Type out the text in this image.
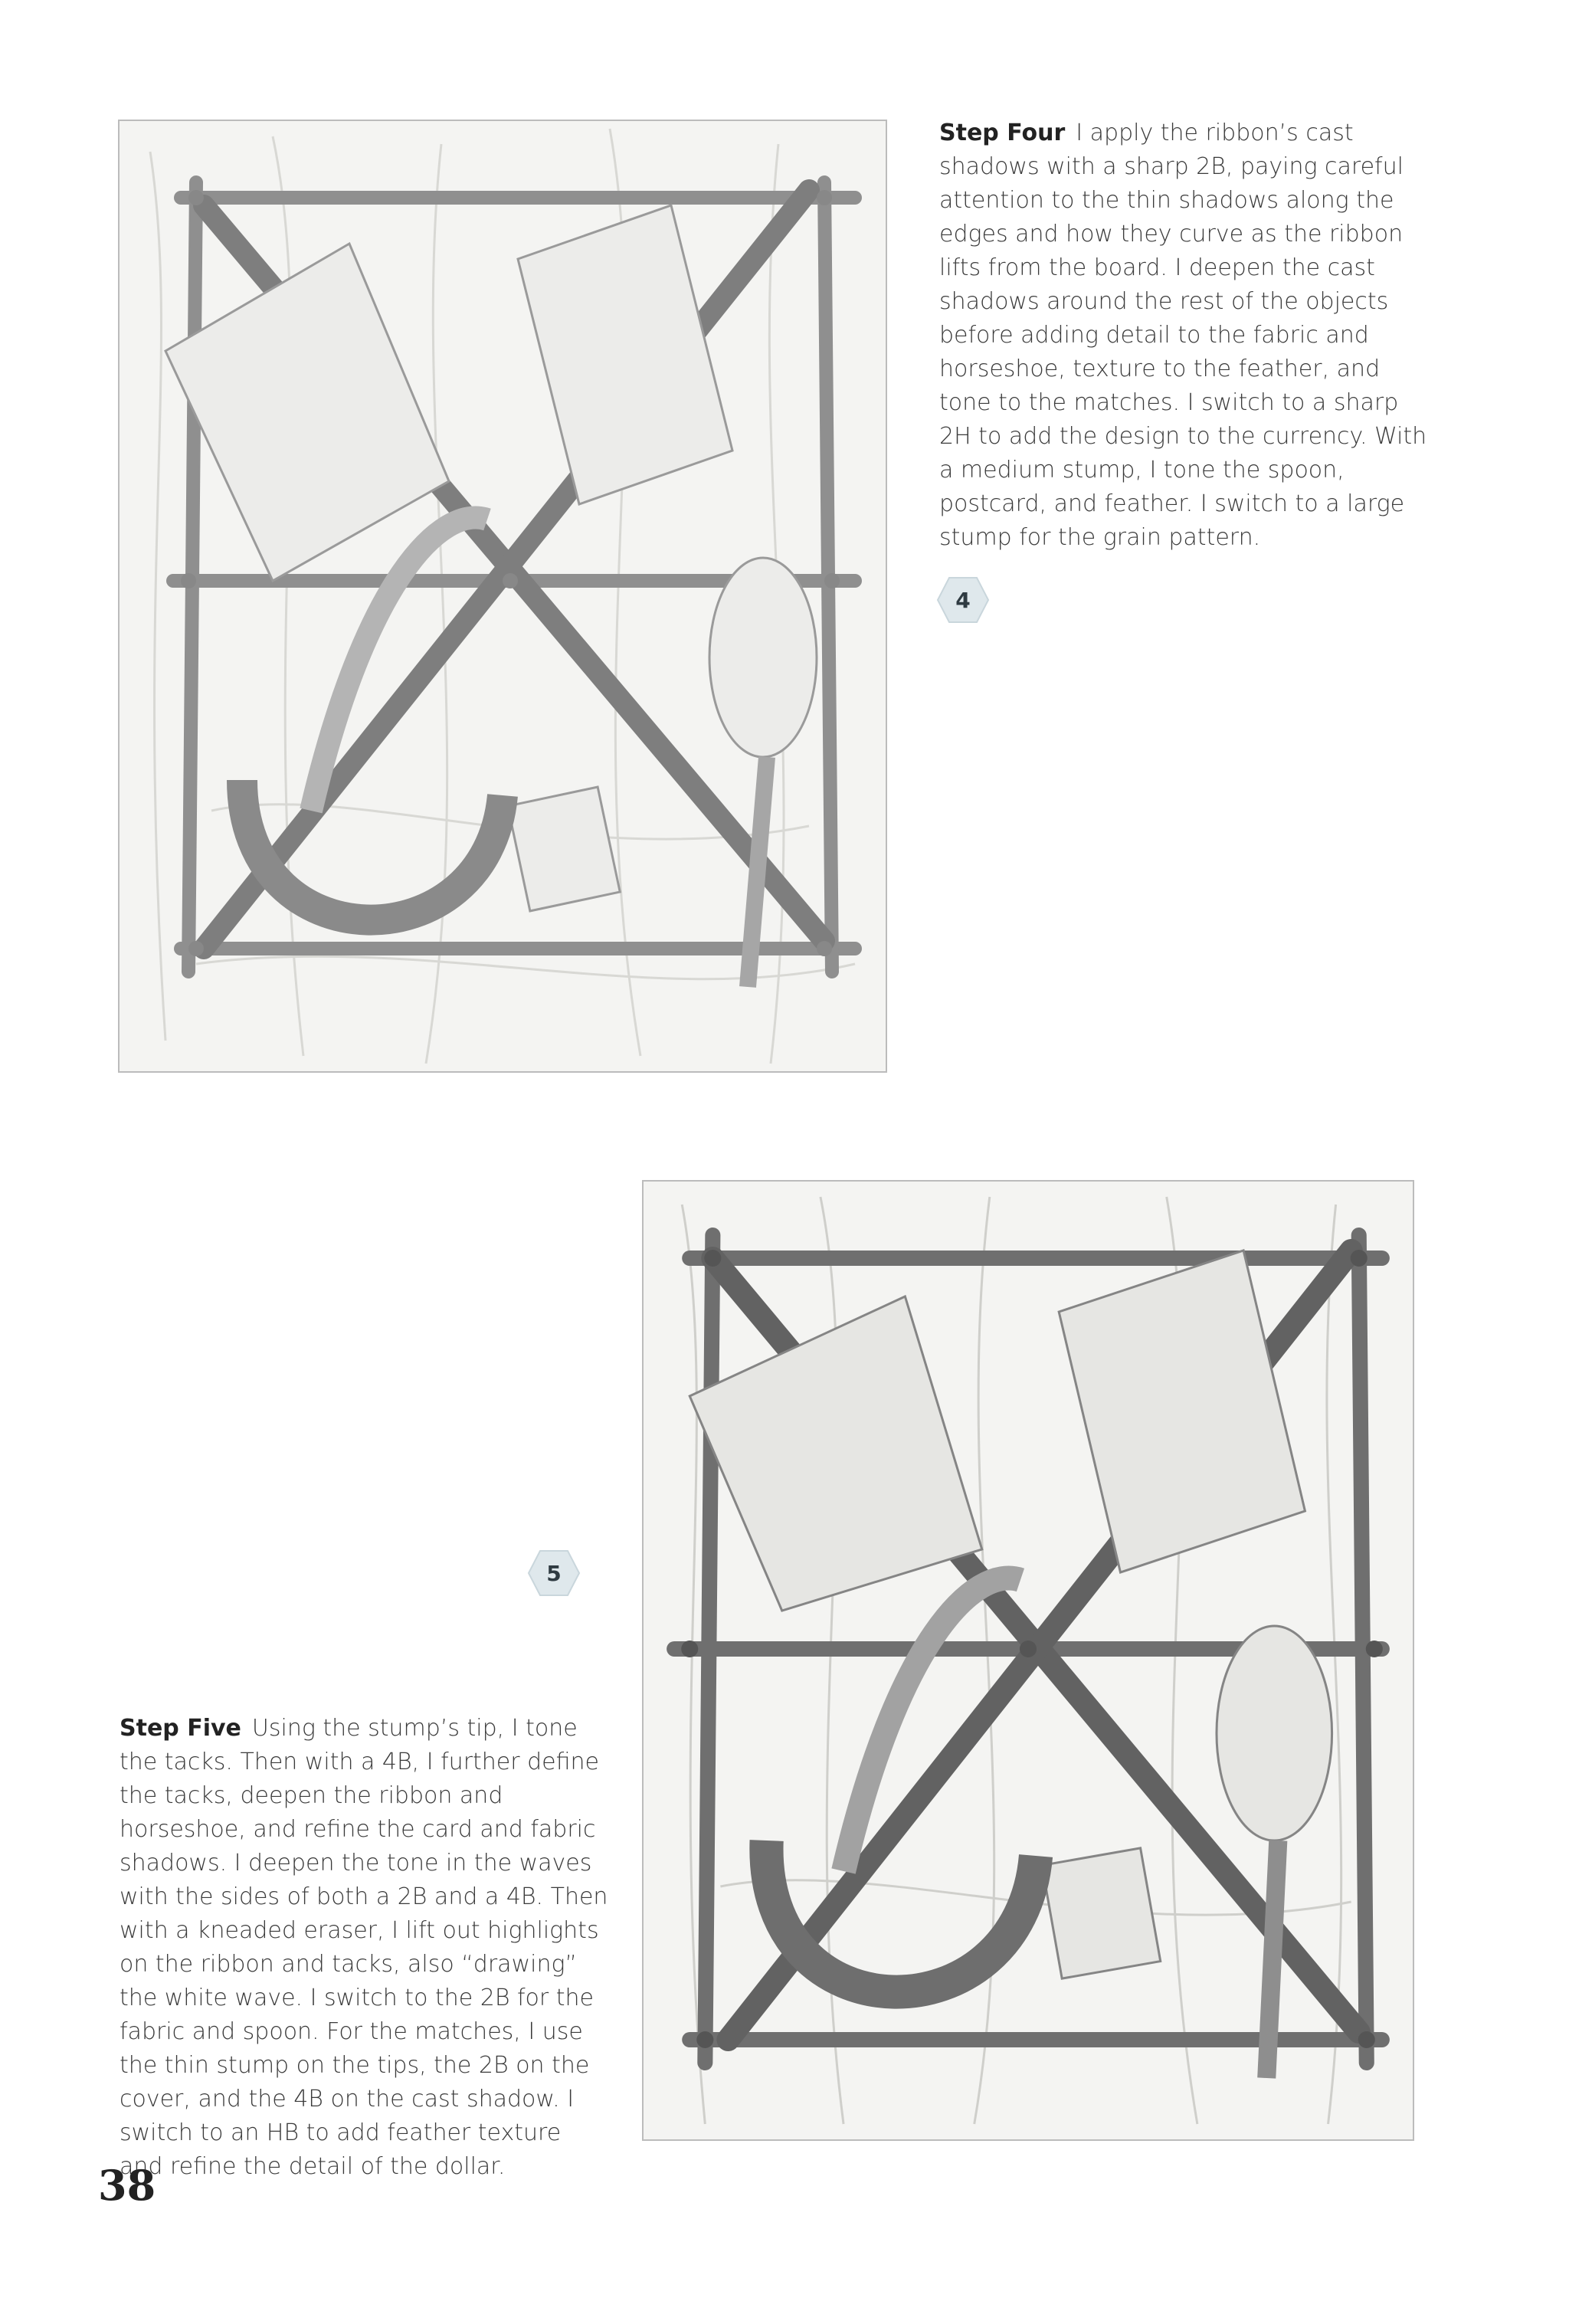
Step Four I apply the ribbon’s cast shadows with a sharp 2B, paying careful attention to the thin shadows along the edges and how they curve as the ribbon lifts from the board. I deepen the cast shadows around the rest of the objects before adding detail to the fabric and horseshoe, texture to the feather, and tone to the matches. I switch to a sharp 2H to add the design to the currency. With a medium stump, I tone the spoon, postcard, and feather. I switch to a large stump for the grain pattern.
4
5
Step Five Using the stump’s tip, I tone the tacks. Then with a 4B, I further define the tacks, deepen the ribbon and horseshoe, and refine the card and fabric shadows. I deepen the tone in the waves with the sides of both a 2B and a 4B. Then with a kneaded eraser, I lift out highlights on the ribbon and tacks, also “drawing” the white wave. I switch to the 2B for the fabric and spoon. For the matches, I use the thin stump on the tips, the 2B on the cover, and the 4B on the cast shadow. I switch to an HB to add feather texture and refine the detail of the dollar.
38
